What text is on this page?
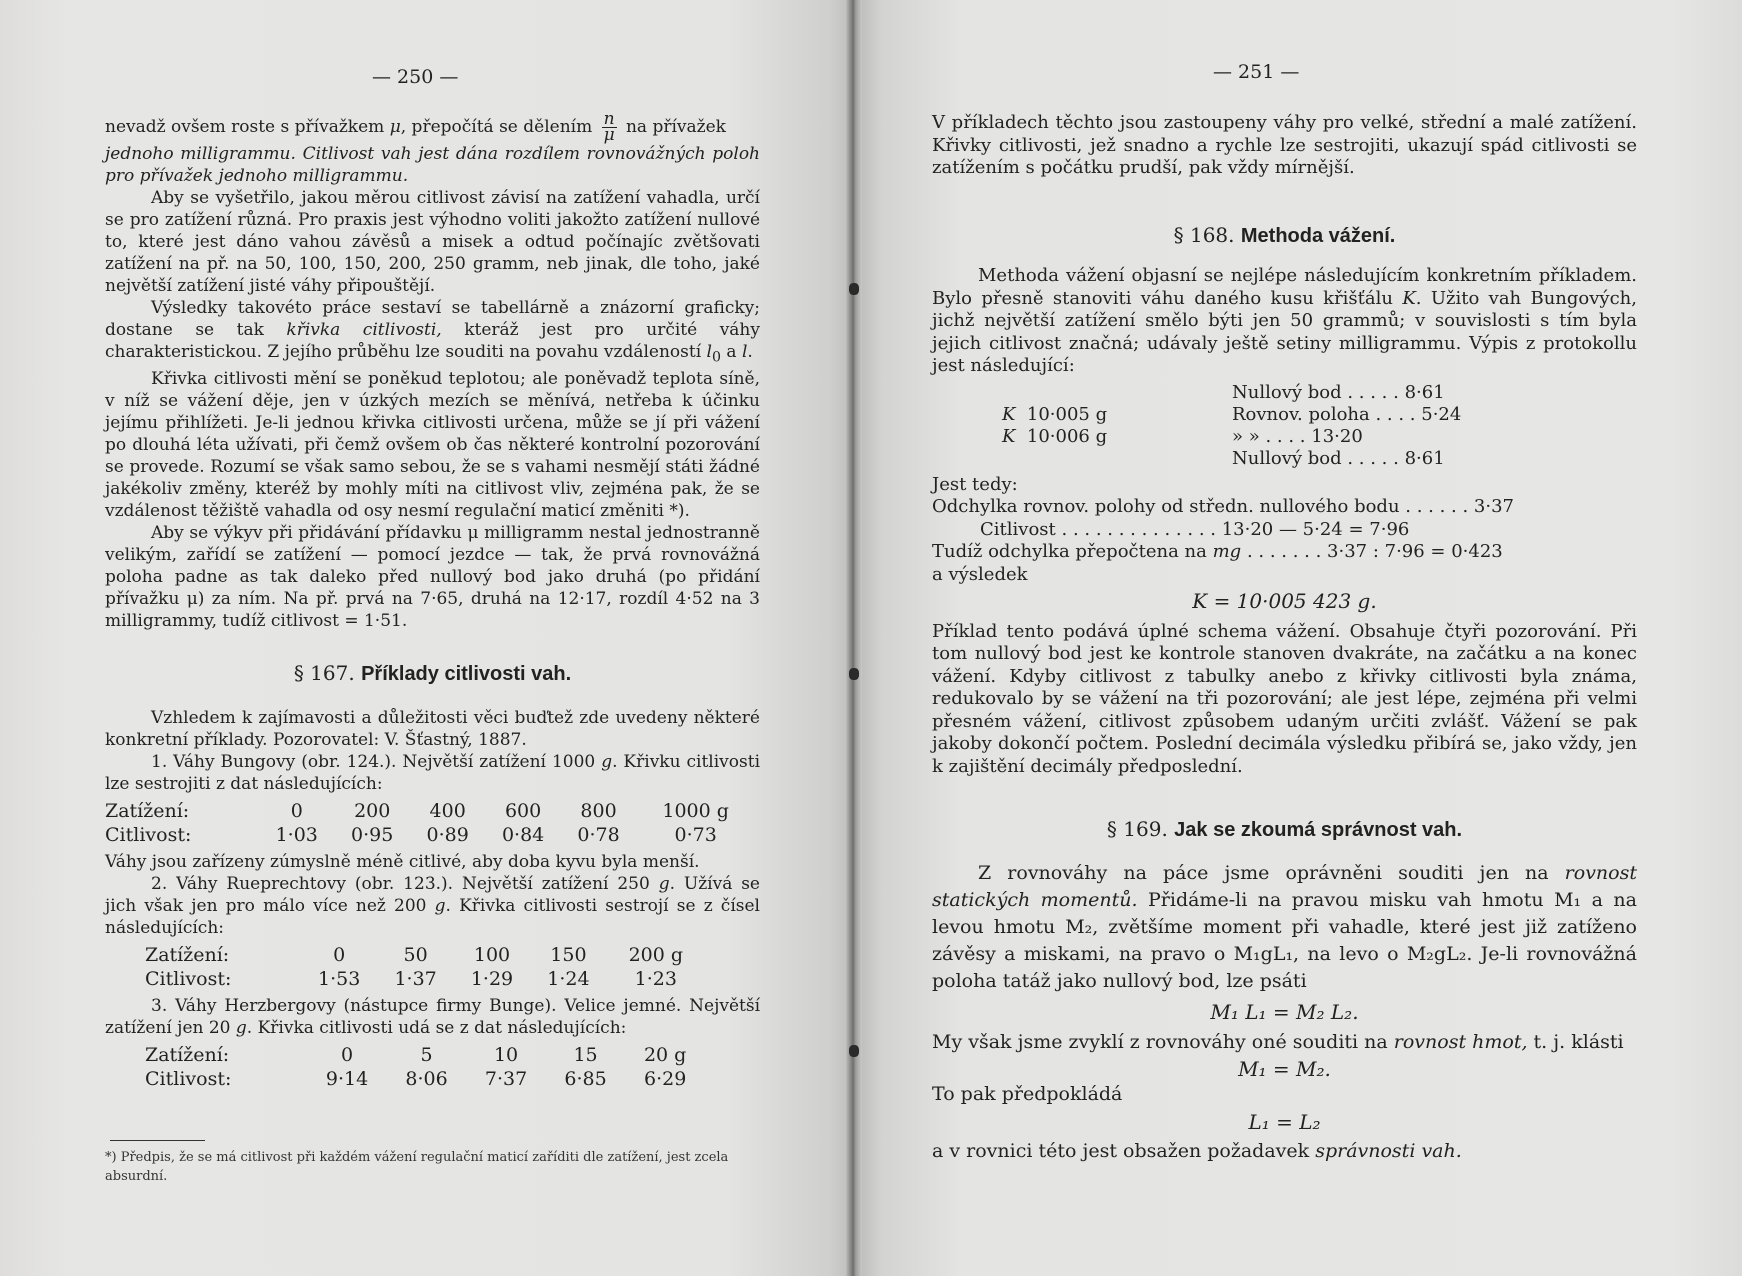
— 250 —

nevadž ovšem roste s přívažkem μ, přepočítá se dělením $\frac{n}{\mu}$ na přívažek

jednoho milligrammu. Citlivost vah jest dána rozdílem rovnovážných poloh pro přívažek jednoho milligrammu.

Aby se vyšetřilo, jakou měrou citlivost závisí na zatížení vahadla, určí se pro zatížení různá. Pro praxis jest výhodno voliti jakožto zatížení nullové to, které jest dáno vahou závěsů a misek a odtud počínajíc zvětšovati zatížení na př. na 50, 100, 150, 200, 250 gramm, neb jinak, dle toho, jaké největší zatížení jisté váhy připouštějí.

Výsledky takovéto práce sestaví se tabellárně a znázorní graficky; dostane se tak křivka citlivosti, kteráž jest pro určité váhy charakteristickou. Z jejího průběhu lze souditi na povahu vzdáleností $l_0$ a l.

Křivka citlivosti mění se poněkud teplotou; ale poněvadž teplota síně, v níž se vážení děje, jen v úzkých mezích se měnívá, netřeba k účinku jejímu přihlížeti. Je-li jednou křivka citlivosti určena, může se jí při vážení po dlouhá léta užívati, při čemž ovšem ob čas některé kontrolní pozorování se provede. Rozumí se však samo sebou, že se s vahami nesmějí státi žádné jakékoliv změny, kteréž by mohly míti na citlivost vliv, zejména pak, že se vzdálenost těžiště vahadla od osy nesmí regulační maticí změniti *).

Aby se výkyv při přidávání přídavku μ milligramm nestal jednostranně velikým, zařídí se zatížení — pomocí jezdce — tak, že prvá rovnovážná poloha padne as tak daleko před nullový bod jako druhá (po přidání přívažku μ) za ním. Na př. prvá na 7·65, druhá na 12·17, rozdíl 4·52 na 3 milligrammy, tudíž citlivost = 1·51.

§ 167. Příklady citlivosti vah.

Vzhledem k zajímavosti a důležitosti věci buďtež zde uvedeny některé konkretní příklady. Pozorovatel: V. Šťastný, 1887.

1. Váhy Bungovy (obr. 124.). Největší zatížení 1000 g. Křivku citlivosti lze sestrojiti z dat následujících:

Zatížení:	0	200	400	600	800	1000 g
Citlivost:	1·03	0·95	0·89	0·84	0·78	0·73

Váhy jsou zařízeny zúmyslně méně citlivé, aby doba kyvu byla menší.

2. Váhy Rueprechtovy (obr. 123.). Největší zatížení 250 g. Užívá se jich však jen pro málo více než 200 g. Křivka citlivosti sestrojí se z čísel následujících:

Zatížení:	0	50	100	150	200 g
Citlivost:	1·53	1·37	1·29	1·24	1·23

3. Váhy Herzbergovy (nástupce firmy Bunge). Velice jemné. Největší zatížení jen 20 g. Křivka citlivosti udá se z dat následujících:

Zatížení:	0	5	10	15	20 g
Citlivost:	9·14	8·06	7·37	6·85	6·29
*) Předpis, že se má citlivost při každém vážení regulační maticí zaříditi dle zatížení, jest zcela absurdní.
— 251 —

V příkladech těchto jsou zastoupeny váhy pro velké, střední a malé zatížení. Křivky citlivosti, jež snadno a rychle lze sestrojiti, ukazují spád citlivosti se zatížením s počátku prudší, pak vždy mírnější.

§ 168. Methoda vážení.

Methoda vážení objasní se nejlépe následujícím konkretním příkladem. Bylo přesně stanoviti váhu daného kusu křišťálu K. Užito vah Bungových, jichž největší zatížení smělo býti jen 50 grammů; v souvislosti s tím byla jejich citlivost značná; udávaly ještě setiny milligrammu. Výpis z protokollu jest následující:

Nullový bod . . . . . 8·61
K 10·005 g	Rovnov. poloha . . . . 5·24
K 10·006 g	» » . . . . 13·20
Nullový bod . . . . . 8·61

Jest tedy:

Odchylka rovnov. polohy od středn. nullového bodu . . . . . . 3·37

Citlivost . . . . . . . . . . . . . . 13·20 — 5·24 = 7·96

Tudíž odchylka přepočtena na mg . . . . . . . 3·37 : 7·96 = 0·423

a výsledek

K = 10·005 423 g.

Příklad tento podává úplné schema vážení. Obsahuje čtyři pozorování. Při tom nullový bod jest ke kontrole stanoven dvakráte, na začátku a na konec vážení. Kdyby citlivost z tabulky anebo z křivky citlivosti byla známa, redukovalo by se vážení na tři pozorování; ale jest lépe, zejména při velmi přesném vážení, citlivost způsobem udaným určiti zvlášť. Vážení se pak jakoby dokončí počtem. Poslední decimála výsledku přibírá se, jako vždy, jen k zajištění decimály předposlední.

§ 169. Jak se zkoumá správnost vah.

Z rovnováhy na páce jsme oprávněni souditi jen na rovnost statických momentů. Přidáme-li na pravou misku vah hmotu M₁ a na levou hmotu M₂, zvětšíme moment při vahadle, které jest již zatíženo závěsy a miskami, na pravo o M₁gL₁, na levo o M₂gL₂. Je-li rovnovážná poloha tatáž jako nullový bod, lze psáti

M₁ L₁ = M₂ L₂.

My však jsme zvyklí z rovnováhy oné souditi na rovnost hmot, t. j. klásti

M₁ = M₂.

To pak předpokládá

L₁ = L₂

a v rovnici této jest obsažen požadavek správnosti vah.
